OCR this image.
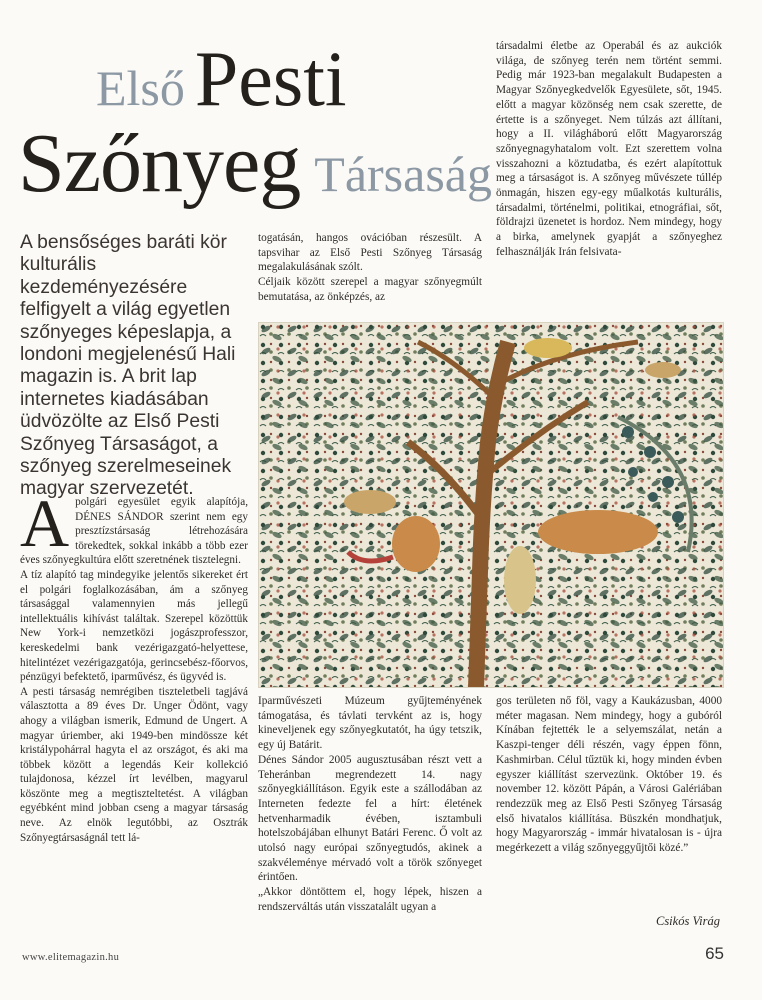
Első Pesti
Szőnyeg Társaság
A bensőséges baráti kör kulturális kezdeményezésére felfigyelt a világ egyetlen szőnyeges képeslapja, a londoni megjelenésű Hali magazin is. A brit lap internetes kiadásában üdvözölte az Első Pesti Szőnyeg Társaságot, a szőnyeg szerelmeseinek magyar szervezetét.

togatásán, hangos ovációban részesült. A tapsvihar az Első Pesti Szőnyeg Társaság megalakulásának szólt.

Céljaik között szerepel a magyar szőnyegmúlt bemutatása, az önképzés, az

társadalmi életbe az Operabál és az aukciók világa, de szőnyeg terén nem történt semmi. Pedig már 1923-ban megalakult Budapesten a Magyar Szőnyegkedvelők Egyesülete, sőt, 1945. előtt a magyar közönség nem csak szerette, de értette is a szőnyeget. Nem túlzás azt állítani, hogy a II. világháború előtt Magyarország szőnyegnagyhatalom volt. Ezt szerettem volna visszahozni a köztudatba, és ezért alapítottuk meg a társaságot is. A szőnyeg művészete túllép önmagán, hiszen egy-egy műalkotás kulturális, társadalmi, történelmi, politikai, etnográfiai, sőt, földrajzi üzenetet is hordoz. Nem mindegy, hogy a birka, amelynek gyapját a szőnyeghez felhasználják Irán felsivata-

Apolgári egyesület egyik alapítója, DÉNES SÁNDOR szerint nem egy presztízstársaság létrehozására törekedtek, sokkal inkább a több ezer éves szőnyegkultúra előtt szeretnének tisztelegni.

A tíz alapító tag mindegyike jelentős sikereket ért el polgári foglalkozásában, ám a szőnyeg társasággal valamennyien más jellegű intellektuális kihívást találtak. Szerepel közöttük New York-i nemzetközi jogászprofesszor, kereskedelmi bank vezérigazgató-helyettese, hitelintézet vezérigazgatója, gerincsebész-főorvos, pénzügyi befektető, iparművész, és ügyvéd is.

A pesti társaság nemrégiben tiszteletbeli tagjává választotta a 89 éves Dr. Unger Ödönt, vagy ahogy a világban ismerik, Edmund de Ungert. A magyar úriember, aki 1949-ben mindössze két kristálypohárral hagyta el az országot, és aki ma többek között a legendás Keir kollekció tulajdonosa, kézzel írt levélben, magyarul köszönte meg a megtiszteltetést. A világban egyébként mind jobban cseng a magyar társaság neve. Az elnök legutóbbi, az Osztrák Szőnyegtársaságnál tett lá-

Iparművészeti Múzeum gyűjteményének támogatása, és távlati tervként az is, hogy kineveljenek egy szőnyegkutatót, ha úgy tetszik, egy új Batárit.

Dénes Sándor 2005 augusztusában részt vett a Teheránban megrendezett 14. nagy szőnyegkiállításon. Egyik este a szállodában az Interneten fedezte fel a hírt: életének hetvenharmadik évében, isztambuli hotelszobájában elhunyt Batári Ferenc. Ő volt az utolsó nagy európai szőnyegtudós, akinek a szakvéleménye mérvadó volt a török szőnyeget érintően.

„Akkor döntöttem el, hogy lépek, hiszen a rendszerváltás után visszatalált ugyan a

gos területen nő föl, vagy a Kaukázusban, 4000 méter magasan. Nem mindegy, hogy a gubóról Kínában fejtették le a selyemszálat, netán a Kaszpi-tenger déli részén, vagy éppen fönn, Kashmirban. Célul tűztük ki, hogy minden évben egyszer kiállítást szervezünk. Október 19. és november 12. között Pápán, a Városi Galériában rendezzük meg az Első Pesti Szőnyeg Társaság első hivatalos kiállítása. Büszkén mondhatjuk, hogy Magyarország - immár hivatalosan is - újra megérkezett a világ szőnyeggyűjtői közé.”

Csikós Virág
www.elitemagazin.hu	65
